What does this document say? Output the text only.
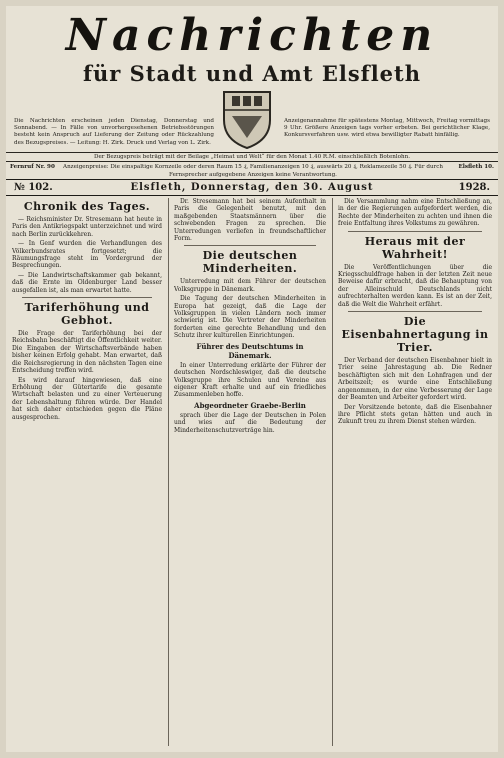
Nachrichten
für Stadt und Amt Elsfleth
Die Nachrichten erscheinen jeden Dienstag, Donnerstag und Sonnabend. — In Fälle von unvorhergesehenen Betriebsstörungen besteht kein Anspruch auf Lieferung der Zeitung oder Rückzahlung des Bezugspreises. — Leitung: H. Zirk. Druck und Verlag von L. Zirk.
Anzeigenannahme für spätestens Montag, Mittwoch, Freitag vormittags 9 Uhr. Größere Anzeigen tags vorher erbeten. Bei gerichtlicher Klage, Konkursverfahren usw. wird etwa bewilligter Rabatt hinfällig.
Der Bezugspreis beträgt mit der Beilage „Heimat und Welt“ für den Monat 1.40 R.M. einschließlich Botenlohn.
Fernruf Nr. 90	Anzeigenpreise: Die einspaltige Kornzeile oder deren Raum 15 ₰, Familienanzeigen 10 ₰, auswärts 20 ₰, Reklamezeile 50 ₰. Für durch Fernsprecher aufgegebene Anzeigen keine Verantwortung.
Elsfleth 10.
№ 102.	Elsfleth, Donnerstag, den 30. August	1928.
Chronik des Tages.

— Reichsminister Dr. Stresemann hat heute in Paris den Antikriegspakt unterzeichnet und wird nach Berlin zurückkehren.

— In Genf wurden die Verhandlungen des Völkerbundsrates fortgesetzt; die Räumungsfrage steht im Vordergrund der Besprechungen.

— Die Landwirtschaftskammer gab bekannt, daß die Ernte im Oldenburger Land besser ausgefallen ist, als man erwartet hatte.

Tariferhöhung und Gebhot.

Die Frage der Tariferhöhung bei der Reichsbahn beschäftigt die Öffentlichkeit weiter. Die Eingaben der Wirtschaftsverbände haben bisher keinen Erfolg gehabt. Man erwartet, daß die Reichsregierung in den nächsten Tagen eine Entscheidung treffen wird.

Es wird darauf hingewiesen, daß eine Erhöhung der Gütertarife die gesamte Wirtschaft belasten und zu einer Verteuerung der Lebenshaltung führen würde. Der Handel hat sich daher entschieden gegen die Pläne ausgesprochen.

Dr. Stresemann hat bei seinem Aufenthalt in Paris die Gelegenheit benutzt, mit den maßgebenden Staatsmännern über die schwebenden Fragen zu sprechen. Die Unterredungen verliefen in freundschaftlicher Form.

Die deutschen Minderheiten.

Unterredung mit dem Führer der deutschen Volksgruppe in Dänemark.

Die Tagung der deutschen Minderheiten in Europa hat gezeigt, daß die Lage der Volksgruppen in vielen Ländern noch immer schwierig ist. Die Vertreter der Minderheiten forderten eine gerechte Behandlung und den Schutz ihrer kulturellen Einrichtungen.

Führer des Deutschtums in Dänemark.

In einer Unterredung erklärte der Führer der deutschen Nordschleswiger, daß die deutsche Volksgruppe ihre Schulen und Vereine aus eigener Kraft erhalte und auf ein friedliches Zusammenleben hoffe.

Abgeordneter Graebe-Berlin

sprach über die Lage der Deutschen in Polen und wies auf die Bedeutung der Minderheitenschutzverträge hin.

Die Versammlung nahm eine Entschließung an, in der die Regierungen aufgefordert werden, die Rechte der Minderheiten zu achten und ihnen die freie Entfaltung ihres Volkstums zu gewähren.

Heraus mit der Wahrheit!

Die Veröffentlichungen über die Kriegsschuldfrage haben in der letzten Zeit neue Beweise dafür erbracht, daß die Behauptung von der Alleinschuld Deutschlands nicht aufrechterhalten werden kann. Es ist an der Zeit, daß die Welt die Wahrheit erfährt.

Die Eisenbahnertagung in Trier.

Der Verband der deutschen Eisenbahner hielt in Trier seine Jahrestagung ab. Die Redner beschäftigten sich mit den Lohnfragen und der Arbeitszeit; es wurde eine Entschließung angenommen, in der eine Verbesserung der Lage der Beamten und Arbeiter gefordert wird.

Der Vorsitzende betonte, daß die Eisenbahner ihre Pflicht stets getan hätten und auch in Zukunft treu zu ihrem Dienst stehen würden.
